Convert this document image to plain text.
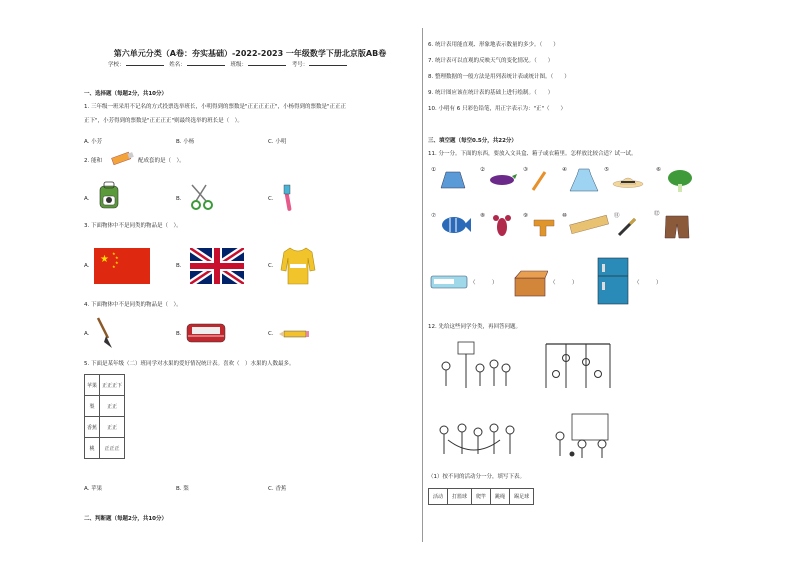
第六单元分类（A卷：夯实基础）-2022-2023 一年级数学下册北京版AB卷
学校：	姓名：	班级：	考号：
一、选择题（每题2分，共10分）
1. 三年级一班采用不记名的方式投票选举班长，小明得到的票数是"正正正正正"，小杨得到的票数是"正正正
正下"，小芳得到的票数是"正正正正"则最终选举的班长是（　）。
A. 小芳	B. 小杨	C. 小明
2. 能和	配成套的是（　）。
A.	B.	C.
3. 下面物体中不是同类的物品是（　）。
A.
★
★
★
★
★	B.	C.
4. 下面物体中不是同类的物品是（　）。
A.	B.	C.
5. 下面是某年级（二）班同学对水果的爱好情况统计表。喜欢（　）水果的人数最多。
苹果	正正正下
梨	正正
香蕉	正正
桃	正正正
A. 苹果	B. 梨	C. 香蕉
二、判断题（每题2分，共10分）
6. 统计表用能直观、形象地表示数量的多少。（　　）
7. 统计表可以直观的反映天气的变化情况。（　　）
8. 整理数据的一般方法是用列表统计表或统计图。（　　）
9. 统计图应该在统计表的基础上进行绘制。（　　）
10. 小明有 6 只彩色铅笔，用正字表示为："正"（　　）
三、填空题（每空0.5分，共22分）
11. 分一分。下面的东西，要放入文具盒、箱子或衣箱里。怎样放比较合适？试一试。
①	②	③	④	⑤	⑥
⑦	⑧	⑨	⑩	⑪	⑫
（　　　）	（　　　）	（　　　）
12. 先给这些同学分类，再回答问题。
（1）按不同的活动分一分，填写下表。
活动	打篮球	爬竿	跳绳	踢足球
